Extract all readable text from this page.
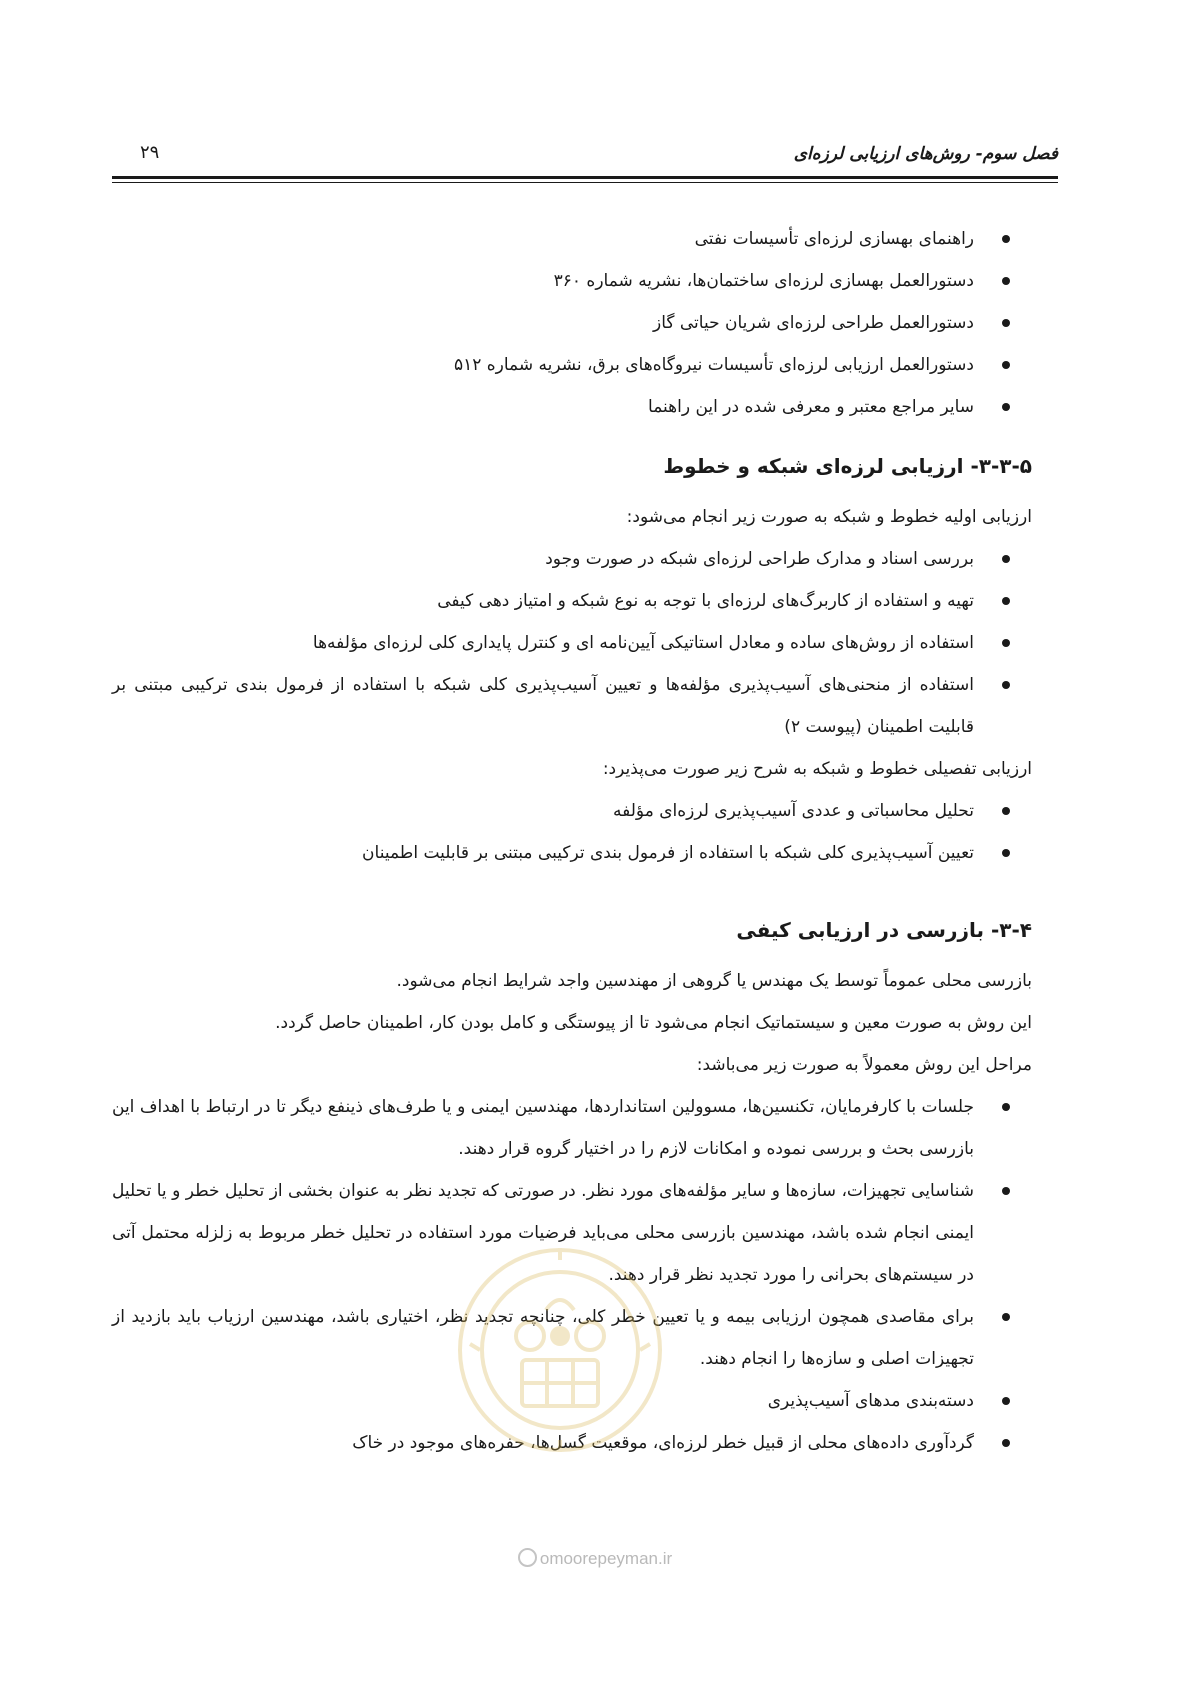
فصل سوم- روش‌های ارزیابی لرزه‌ای
۲۹
راهنمای بهسازی لرزه‌ای تأسیسات نفتی
دستورالعمل بهسازی لرزه‌ای ساختمان‌ها، نشریه شماره ۳۶۰
دستورالعمل طراحی لرزه‌ای شریان حیاتی گاز
دستورالعمل ارزیابی لرزه‌ای تأسیسات نیروگاه‌های برق، نشریه شماره ۵۱۲
سایر مراجع معتبر و معرفی شده در این راهنما
۳-۳-۵- ارزیابی لرزه‌ای شبکه و خطوط
ارزیابی اولیه خطوط و شبکه به صورت زیر انجام می‌شود:
بررسی اسناد و مدارک طراحی لرزه‌ای شبکه در صورت وجود
تهیه و استفاده از کاربرگ‌های لرزه‌ای با توجه به نوع شبکه و امتیاز دهی کیفی
استفاده از روش‌های ساده و معادل استاتیکی آیین‌نامه ای و کنترل پایداری کلی لرزه‌ای مؤلفه‌ها
استفاده از منحنی‌های آسیب‌پذیری مؤلفه‌ها و تعیین آسیب‌پذیری کلی شبکه با استفاده از فرمول بندی ترکیبی مبتنی بر قابلیت اطمینان (پیوست ۲)
ارزیابی تفصیلی خطوط و شبکه به شرح زیر صورت می‌پذیرد:
تحلیل محاسباتی و عددی آسیب‌پذیری لرزه‌ای مؤلفه
تعیین آسیب‌پذیری کلی شبکه با استفاده از فرمول بندی ترکیبی مبتنی بر قابلیت اطمینان
۳-۴- بازرسی در ارزیابی کیفی
بازرسی محلی عموماً توسط یک مهندس یا گروهی از مهندسین واجد شرایط انجام می‌شود.
این روش به صورت معین و سیستماتیک انجام می‌شود تا از پیوستگی و کامل بودن کار، اطمینان حاصل گردد.
مراحل این روش معمولاً به صورت زیر می‌باشد:
جلسات با کارفرمایان، تکنسین‌ها، مسوولین استانداردها، مهندسین ایمنی و یا طرف‌های ذینفع دیگر تا در ارتباط با اهداف این بازرسی بحث و بررسی نموده و امکانات لازم را در اختیار گروه قرار دهند.
شناسایی تجهیزات، سازه‌ها و سایر مؤلفه‌های مورد نظر. در صورتی که تجدید نظر به عنوان بخشی از تحلیل خطر و یا تحلیل ایمنی انجام شده باشد، مهندسین بازرسی محلی می‌باید فرضیات مورد استفاده در تحلیل خطر مربوط به زلزله محتمل آتی در سیستم‌های بحرانی را مورد تجدید نظر قرار دهند.
برای مقاصدی همچون ارزیابی بیمه و یا تعیین خطر کلی، چنانچه تجدید نظر، اختیاری باشد، مهندسین ارزیاب باید بازدید از تجهیزات اصلی و سازه‌ها را انجام دهند.
دسته‌بندی مدهای آسیب‌پذیری
گردآوری داده‌های محلی از قبیل خطر لرزه‌ای، موقعیت گسل‌ها، حفره‌های موجود در خاک
omoorepeyman.ir
